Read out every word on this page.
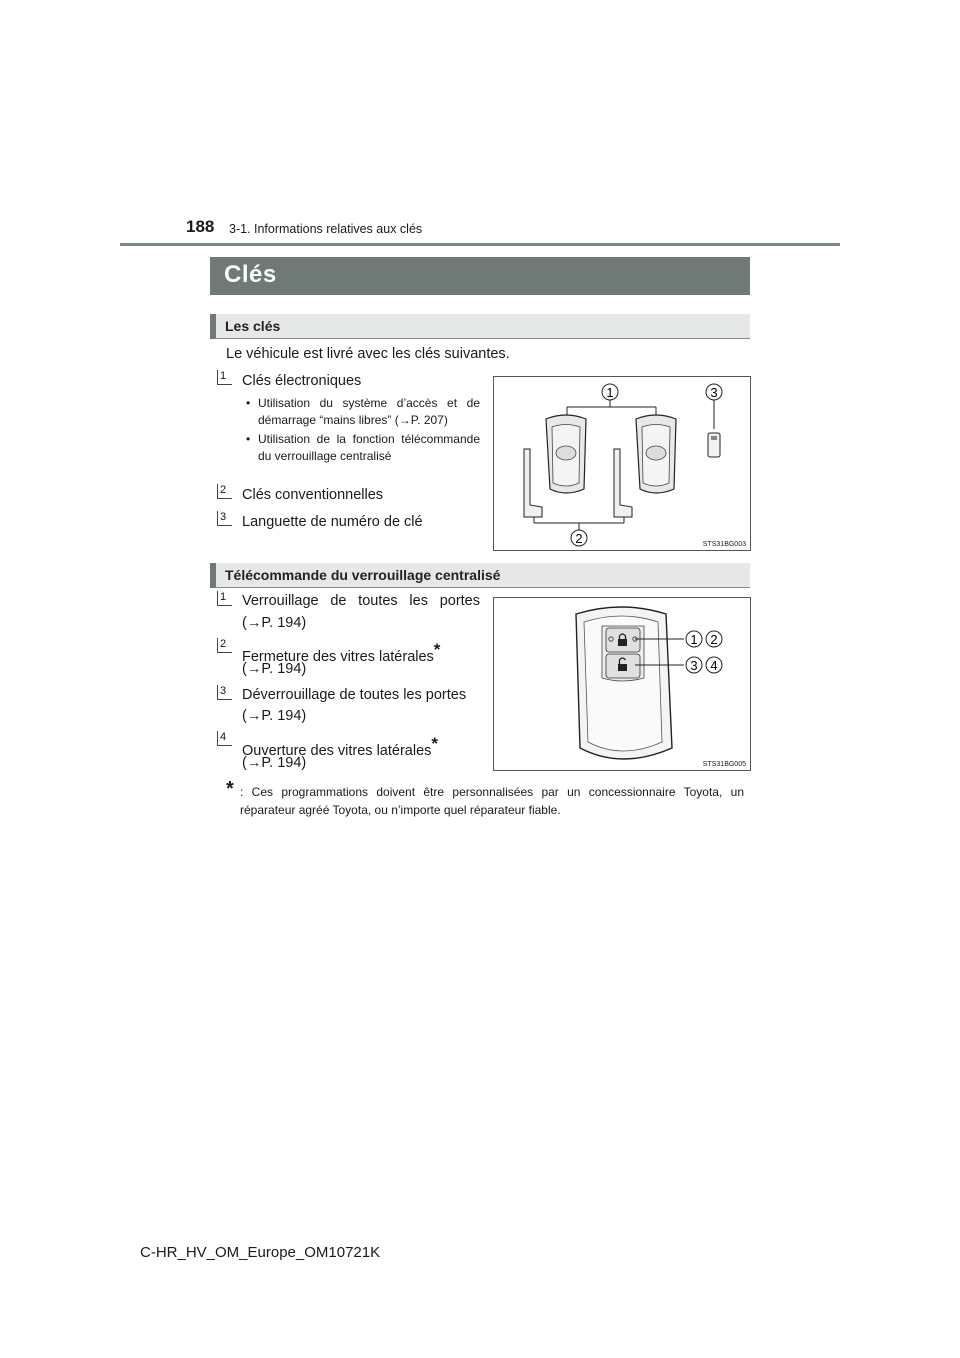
188 3-1. Informations relatives aux clés
Clés
Les clés
Le véhicule est livré avec les clés suivantes.
1	Clés électroniques
• Utilisation du système d’accès et de démarrage “mains libres” (→P. 207)
• Utilisation de la fonction télécommande du verrouillage centralisé
2	Clés conventionnelles
3	Languette de numéro de clé
1	3
2	STS31BG003
Télécommande du verrouillage centralisé
1	Verrouillage de toutes les portes
(→P. 194)
2
Fermeture des vitres latérales*
(→P. 194)
3	Déverrouillage de toutes les portes
(→P. 194)
4
Ouverture des vitres latérales*
(→P. 194)
1 2
3 4
STS31BG005
* : Ces programmations doivent être personnalisées par un concessionnaire Toyota, un réparateur agréé Toyota, ou n’importe quel réparateur fiable.
C-HR_HV_OM_Europe_OM10721K
